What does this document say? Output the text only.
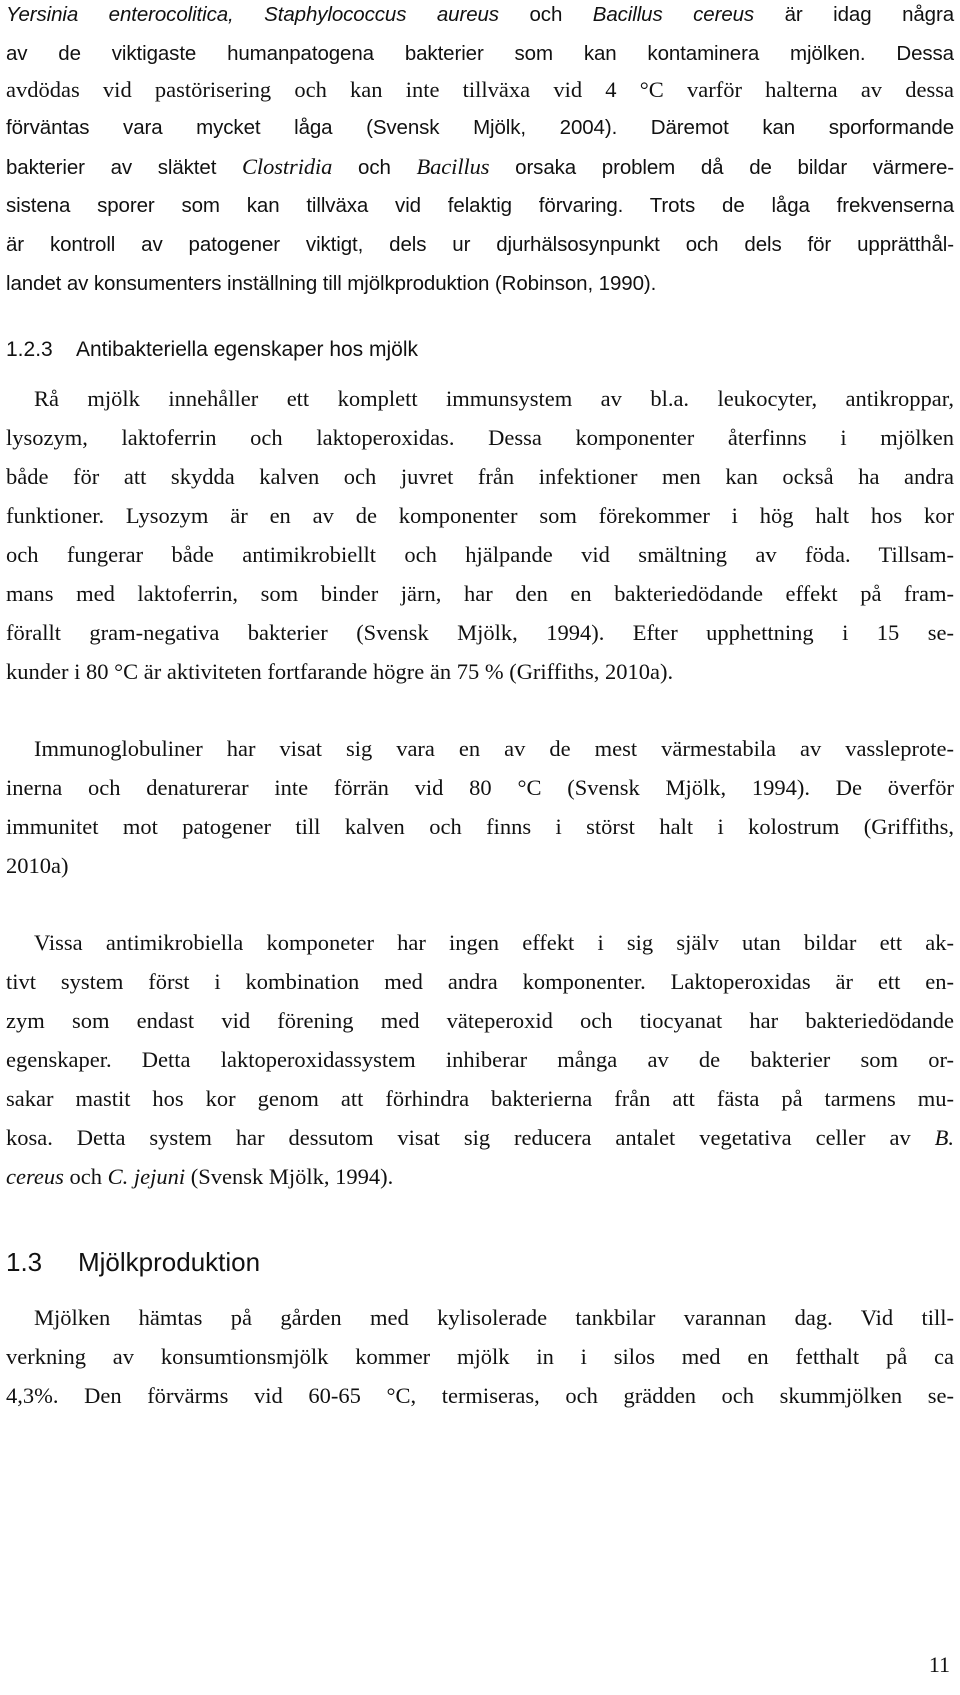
Yersinia enterocolitica, Staphylococcus aureus och Bacillus cereus är idag några
av de viktigaste humanpatogena bakterier som kan kontaminera mjölken. Dessa
avdödas vid pastörisering och kan inte tillväxa vid 4 °C varför halterna av dessa
förväntas vara mycket låga (Svensk Mjölk, 2004). Däremot kan sporformande
bakterier av släktet Clostridia och Bacillus orsaka problem då de bildar värmere-
sistena sporer som kan tillväxa vid felaktig förvaring. Trots de låga frekvenserna
är kontroll av patogener viktigt, dels ur djurhälsosynpunkt och dels för upprätthål-
landet av konsumenters inställning till mjölkproduktion (Robinson, 1990).
1.2.3 Antibakteriella egenskaper hos mjölk
Rå mjölk innehåller ett komplett immunsystem av bl.a. leukocyter, antikroppar,
lysozym, laktoferrin och laktoperoxidas. Dessa komponenter återfinns i mjölken
både för att skydda kalven och juvret från infektioner men kan också ha andra
funktioner. Lysozym är en av de komponenter som förekommer i hög halt hos kor
och fungerar både antimikrobiellt och hjälpande vid smältning av föda. Tillsam-
mans med laktoferrin, som binder järn, har den en bakteriedödande effekt på fram-
förallt gram-negativa bakterier (Svensk Mjölk, 1994). Efter upphettning i 15 se-
kunder i 80 °C är aktiviteten fortfarande högre än 75 % (Griffiths, 2010a).
Immunoglobuliner har visat sig vara en av de mest värmestabila av vassleprote-
inerna och denaturerar inte förrän vid 80 °C (Svensk Mjölk, 1994). De överför
immunitet mot patogener till kalven och finns i störst halt i kolostrum (Griffiths,
2010a)
Vissa antimikrobiella komponeter har ingen effekt i sig själv utan bildar ett ak-
tivt system först i kombination med andra komponenter. Laktoperoxidas är ett en-
zym som endast vid förening med väteperoxid och tiocyanat har bakteriedödande
egenskaper. Detta laktoperoxidassystem inhiberar många av de bakterier som or-
sakar mastit hos kor genom att förhindra bakterierna från att fästa på tarmens mu-
kosa. Detta system har dessutom visat sig reducera antalet vegetativa celler av B.
cereus och C. jejuni (Svensk Mjölk, 1994).
1.3 Mjölkproduktion
Mjölken hämtas på gården med kylisolerade tankbilar varannan dag. Vid till-
verkning av konsumtionsmjölk kommer mjölk in i silos med en fetthalt på ca
4,3%. Den förvärms vid 60-65 °C, termiseras, och grädden och skummjölken se-
11
